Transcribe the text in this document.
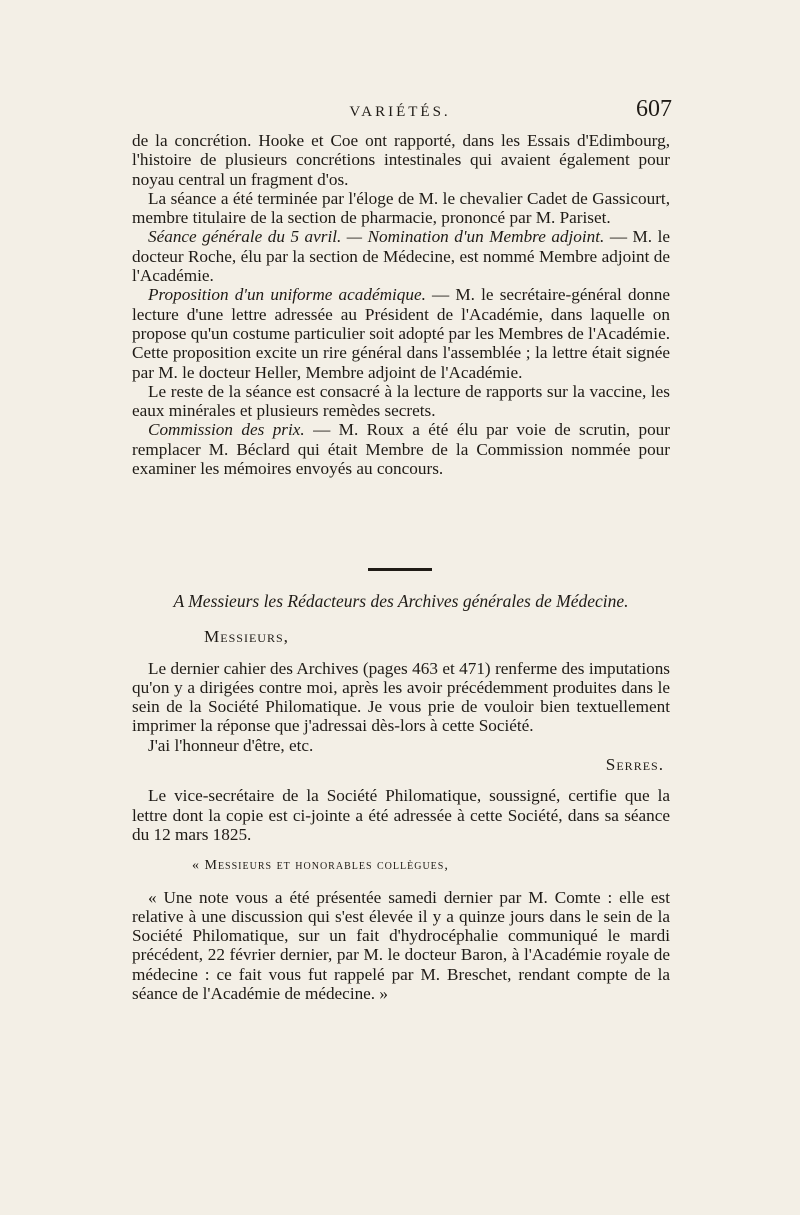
VARIÉTÉS.	607

de la concrétion. Hooke et Coe ont rapporté, dans les Essais d'Edimbourg, l'histoire de plusieurs concrétions intestinales qui avaient également pour noyau central un fragment d'os.

La séance a été terminée par l'éloge de M. le chevalier Cadet de Gassicourt, membre titulaire de la section de pharmacie, prononcé par M. Pariset.

Séance générale du 5 avril. — Nomination d'un Membre adjoint. — M. le docteur Roche, élu par la section de Médecine, est nommé Membre adjoint de l'Académie.

Proposition d'un uniforme académique. — M. le secrétaire-général donne lecture d'une lettre adressée au Président de l'Académie, dans laquelle on propose qu'un costume particulier soit adopté par les Membres de l'Académie. Cette proposition excite un rire général dans l'assemblée ; la lettre était signée par M. le docteur Heller, Membre adjoint de l'Académie.

Le reste de la séance est consacré à la lecture de rapports sur la vaccine, les eaux minérales et plusieurs remèdes secrets.

Commission des prix. — M. Roux a été élu par voie de scrutin, pour remplacer M. Béclard qui était Membre de la Commission nommée pour examiner les mémoires envoyés au concours.

A Messieurs les Rédacteurs des Archives générales de Médecine.

Messieurs,

Le dernier cahier des Archives (pages 463 et 471) renferme des imputations qu'on y a dirigées contre moi, après les avoir précédemment produites dans le sein de la Société Philomatique. Je vous prie de vouloir bien textuellement imprimer la réponse que j'adressai dès-lors à cette Société.

J'ai l'honneur d'être, etc.

Serres.

Le vice-secrétaire de la Société Philomatique, soussigné, certifie que la lettre dont la copie est ci-jointe a été adressée à cette Société, dans sa séance du 12 mars 1825.

« Messieurs et honorables collègues,

« Une note vous a été présentée samedi dernier par M. Comte : elle est relative à une discussion qui s'est élevée il y a quinze jours dans le sein de la Société Philomatique, sur un fait d'hydrocéphalie communiqué le mardi précédent, 22 février dernier, par M. le docteur Baron, à l'Académie royale de médecine : ce fait vous fut rappelé par M. Breschet, rendant compte de la séance de l'Académie de médecine. »
